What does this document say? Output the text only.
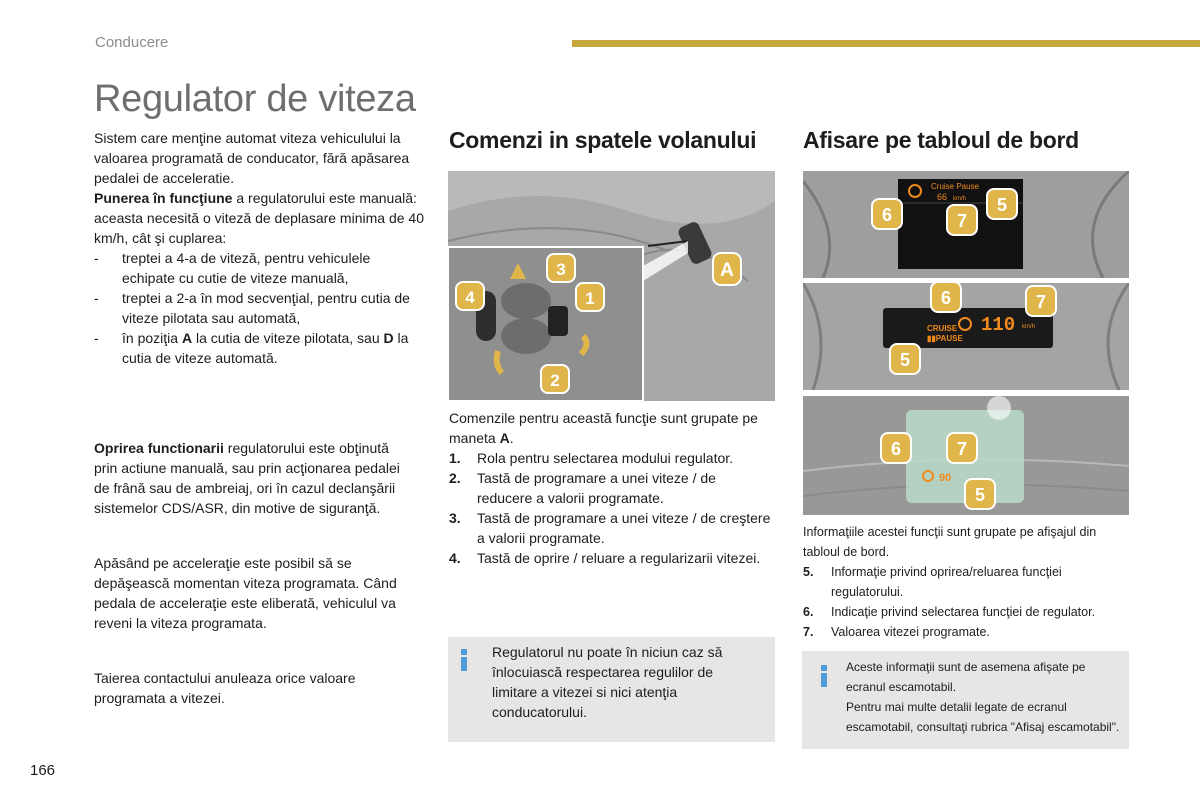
Conducere
Regulator de viteza

Sistem care menţine automat viteza vehiculului la valoarea programată de conducator, fără apăsarea pedalei de acceleratie.

Punerea în funcţiune a regulatorului este manuală: aceasta necesită o viteză de deplasare minima de 40 km/h, cât şi cuplarea:

- treptei a 4-a de viteză, pentru vehiculele echipate cu cutie de viteze manuală,
- treptei a 2-a în mod secvenţial, pentru cutia de viteze pilotata sau automată,
- în poziţia A la cutia de viteze pilotata, sau D la cutia de viteze automată.

Oprirea functionarii regulatorului este obţinută prin actiune manuală, sau prin acţionarea pedalei de frână sau de ambreiaj, ori în cazul declanşării sistemelor CDS/ASR, din motive de siguranţă.

Apăsând pe acceleraţie este posibil să se depăşească momentan viteza programata. Când pedala de acceleraţie este eliberată, vehiculul va reveni la viteza programata.
Taierea contactului anuleaza orice valoare programata a vitezei.
Comenzi in spatele volanului
A
3
1
4
2

Comenzile pentru această funcţie sunt grupate pe maneta A.

1. Rola pentru selectarea modului regulator.
2. Tastă de programare a unei viteze / de reducere a valorii programate.
3. Tastă de programare a unei viteze / de creştere a valorii programate.
4. Tastă de oprire / reluare a regularizarii vitezei.
Regulatorul nu poate în niciun caz să înlocuiască respectarea regulilor de limitare a vitezei si nici atenţia conducatorului.
Afisare pe tabloul de bord
Cruise Pause
66 km/h
6	7
5
CRUISE
▮▮PAUSE
110 km/h
6	7
5
90
6	7
5

Informaţiile acestei funcţii sunt grupate pe afişajul din tabloul de bord.

5. Informaţie privind oprirea/reluarea funcţiei regulatorului.
6. Indicaţie privind selectarea funcţiei de regulator.
7. Valoarea vitezei programate.
Aceste informaţii sunt de asemena afişate pe ecranul escamotabil.
Pentru mai multe detalii legate de ecranul escamotabil, consultaţi rubrica "Afisaj escamotabil".
166
